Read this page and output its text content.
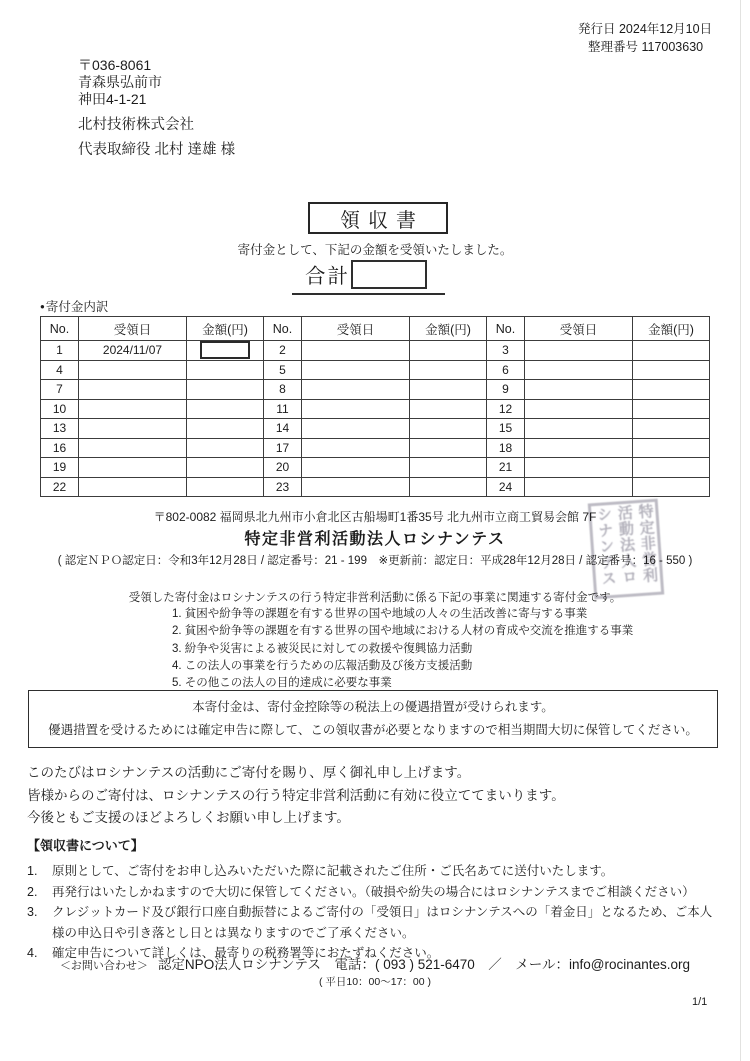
発行日 2024年12月10日
整理番号 117003630
〒036-8061
青森県弘前市
神田4-1-21
北村技術株式会社
代表取締役 北村 達雄 様
領収書
寄付金として、下記の金額を受領いたしました。
合計
●寄付金内訳
No.	受領日	金額(円)	No.	受領日	金額(円)	No.	受領日	金額(円)
1	2024/11/07		2			3		
4			5			6		
7			8			9		
10			11			12		
13			14			15		
16			17			18		
19			20			21		
22			23			24		
特定非営利
活動法人ロ
シナンテス
〒802-0082 福岡県北九州市小倉北区古船場町1番35号 北九州市立商工貿易会館 7F
特定非営利活動法人ロシナンテス
( 認定ＮＰＯ認定日：令和3年12月28日 / 認定番号：21 - 199　※更新前：認定日：平成28年12月28日 / 認定番号：16 - 550 )
受領した寄付金はロシナンテスの行う特定非営利活動に係る下記の事業に関連する寄付金です。
1. 貧困や紛争等の課題を有する世界の国や地域の人々の生活改善に寄与する事業
2. 貧困や紛争等の課題を有する世界の国や地域における人材の育成や交流を推進する事業
3. 紛争や災害による被災民に対しての救援や復興協力活動
4. この法人の事業を行うための広報活動及び後方支援活動
5. その他この法人の目的達成に必要な事業
本寄付金は、寄付金控除等の税法上の優遇措置が受けられます。
優遇措置を受けるためには確定申告に際して、この領収書が必要となりますので相当期間大切に保管してください。
このたびはロシナンテスの活動にご寄付を賜り、厚く御礼申し上げます。
皆様からのご寄付は、ロシナンテスの行う特定非営利活動に有効に役立ててまいります。
今後ともご支援のほどよろしくお願い申し上げます。
【領収書について】
1.	原則として、ご寄付をお申し込みいただいた際に記載されたご住所・ご氏名あてに送付いたします。
2.	再発行はいたしかねますので大切に保管してください。（破損や紛失の場合にはロシナンテスまでご相談ください）
3.	クレジットカード及び銀行口座自動振替によるご寄付の「受領日」はロシナンテスへの「着金日」となるため、ご本人様の申込日や引き落とし日とは異なりますのでご了承ください。
4.	確定申告について詳しくは、最寄りの税務署等におたずねください。
＜お問い合わせ＞ 認定NPO法人ロシナンテス　電話：( 093 ) 521-6470　／　メール：info@rocinantes.org
( 平日10：00～17：00 )
1/1
